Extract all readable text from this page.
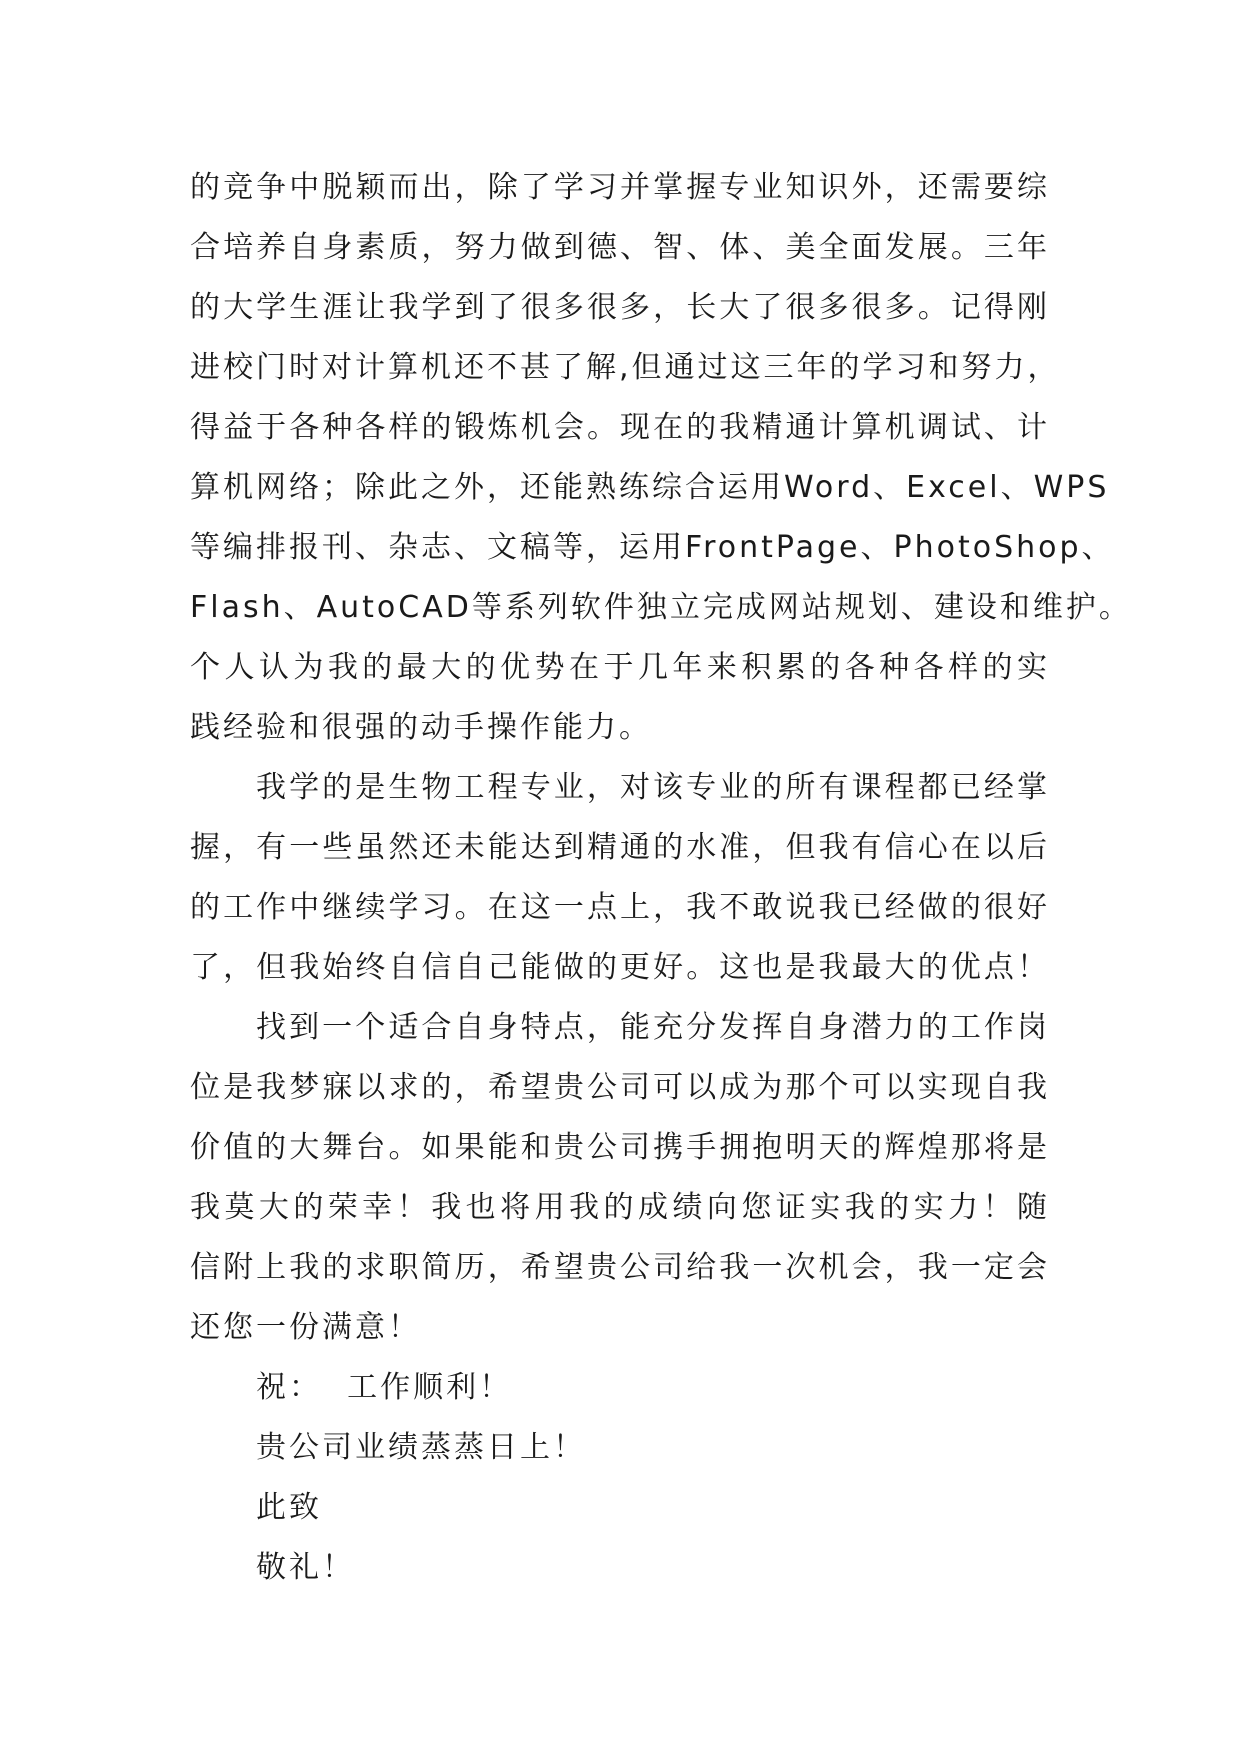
的竞争中脱颖而出，除了学习并掌握专业知识外，还需要综
合培养自身素质，努力做到德、智、体、美全面发展。三年
的大学生涯让我学到了很多很多，长大了很多很多。记得刚
进校门时对计算机还不甚了解,但通过这三年的学习和努力，
得益于各种各样的锻炼机会。现在的我精通计算机调试、计
算机网络；除此之外，还能熟练综合运用Word、Excel、WPS
等编排报刊、杂志、文稿等，运用FrontPage、PhotoShop、
Flash、AutoCAD等系列软件独立完成网站规划、建设和维护。
个人认为我的最大的优势在于几年来积累的各种各样的实
践经验和很强的动手操作能力。
我学的是生物工程专业，对该专业的所有课程都已经掌
握，有一些虽然还未能达到精通的水准，但我有信心在以后
的工作中继续学习。在这一点上，我不敢说我已经做的很好
了，但我始终自信自己能做的更好。这也是我最大的优点！
找到一个适合自身特点，能充分发挥自身潜力的工作岗
位是我梦寐以求的，希望贵公司可以成为那个可以实现自我
价值的大舞台。如果能和贵公司携手拥抱明天的辉煌那将是
我莫大的荣幸！我也将用我的成绩向您证实我的实力！随
信附上我的求职简历，希望贵公司给我一次机会，我一定会
还您一份满意！
祝：  工作顺利！
贵公司业绩蒸蒸日上！
此致
敬礼！
